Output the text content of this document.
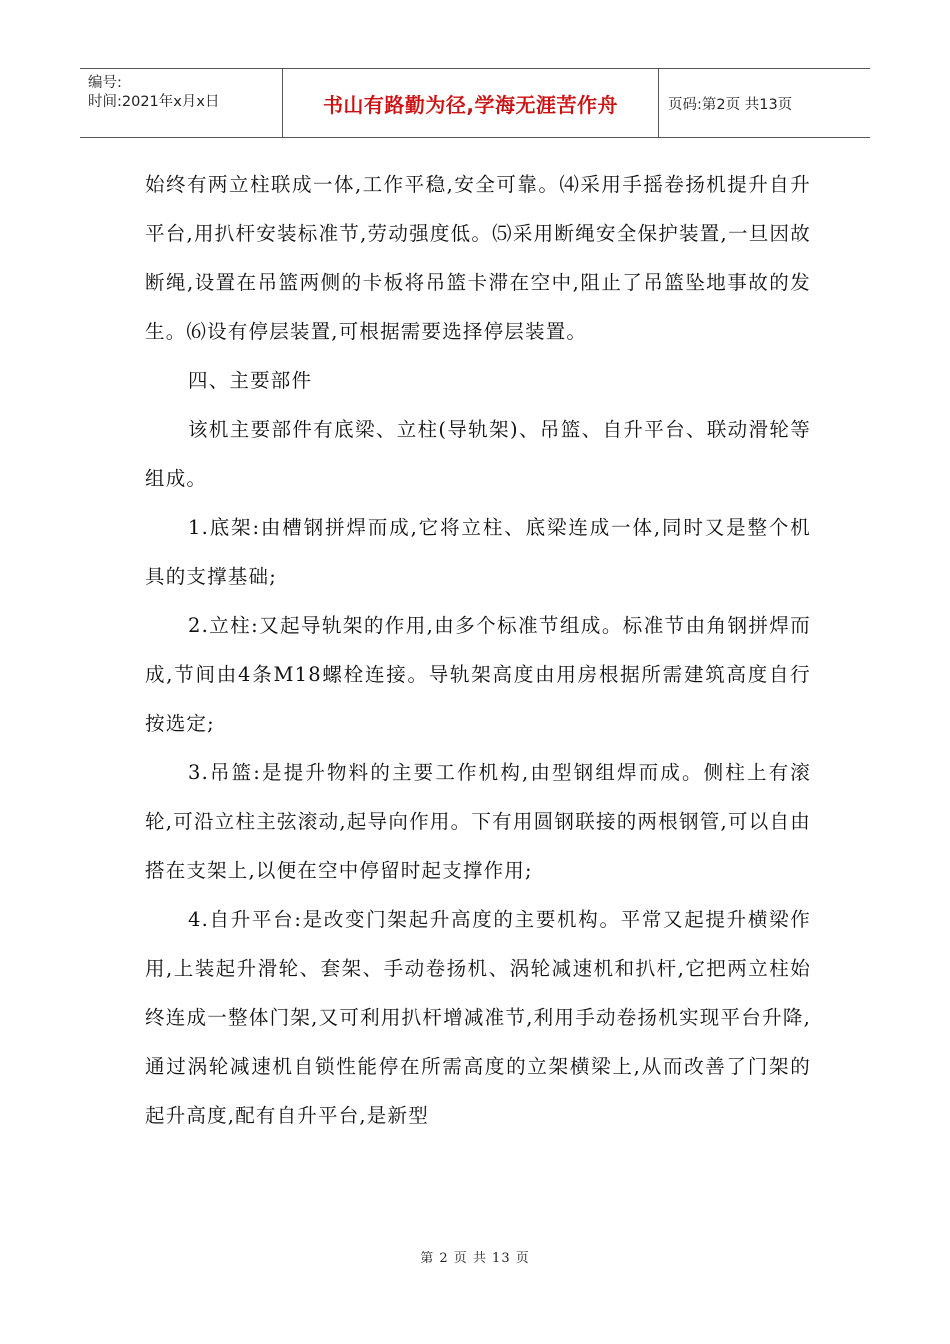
编号:
时间:2021年x月x日	书山有路勤为径,学海无涯苦作舟	页码:第2页 共13页

始终有两立柱联成一体,工作平稳,安全可靠。⑷采用手摇卷扬机提升自升平台,用扒杆安装标准节,劳动强度低。⑸采用断绳安全保护装置,一旦因故断绳,设置在吊篮两侧的卡板将吊篮卡滞在空中,阻止了吊篮坠地事故的发生。⑹设有停层装置,可根据需要选择停层装置。

四、主要部件

该机主要部件有底梁、立柱(导轨架)、吊篮、自升平台、联动滑轮等组成。

1.底架:由槽钢拼焊而成,它将立柱、底梁连成一体,同时又是整个机具的支撑基础;

2.立柱:又起导轨架的作用,由多个标准节组成。标准节由角钢拼焊而成,节间由4条M18螺栓连接。导轨架高度由用房根据所需建筑高度自行按选定;

3.吊篮:是提升物料的主要工作机构,由型钢组焊而成。侧柱上有滚轮,可沿立柱主弦滚动,起导向作用。下有用圆钢联接的两根钢管,可以自由搭在支架上,以便在空中停留时起支撑作用;

4.自升平台:是改变门架起升高度的主要机构。平常又起提升横梁作用,上装起升滑轮、套架、手动卷扬机、涡轮减速机和扒杆,它把两立柱始终连成一整体门架,又可利用扒杆增减准节,利用手动卷扬机实现平台升降,通过涡轮减速机自锁性能停在所需高度的立架横梁上,从而改善了门架的起升高度,配有自升平台,是新型

第 2 页 共 13 页
